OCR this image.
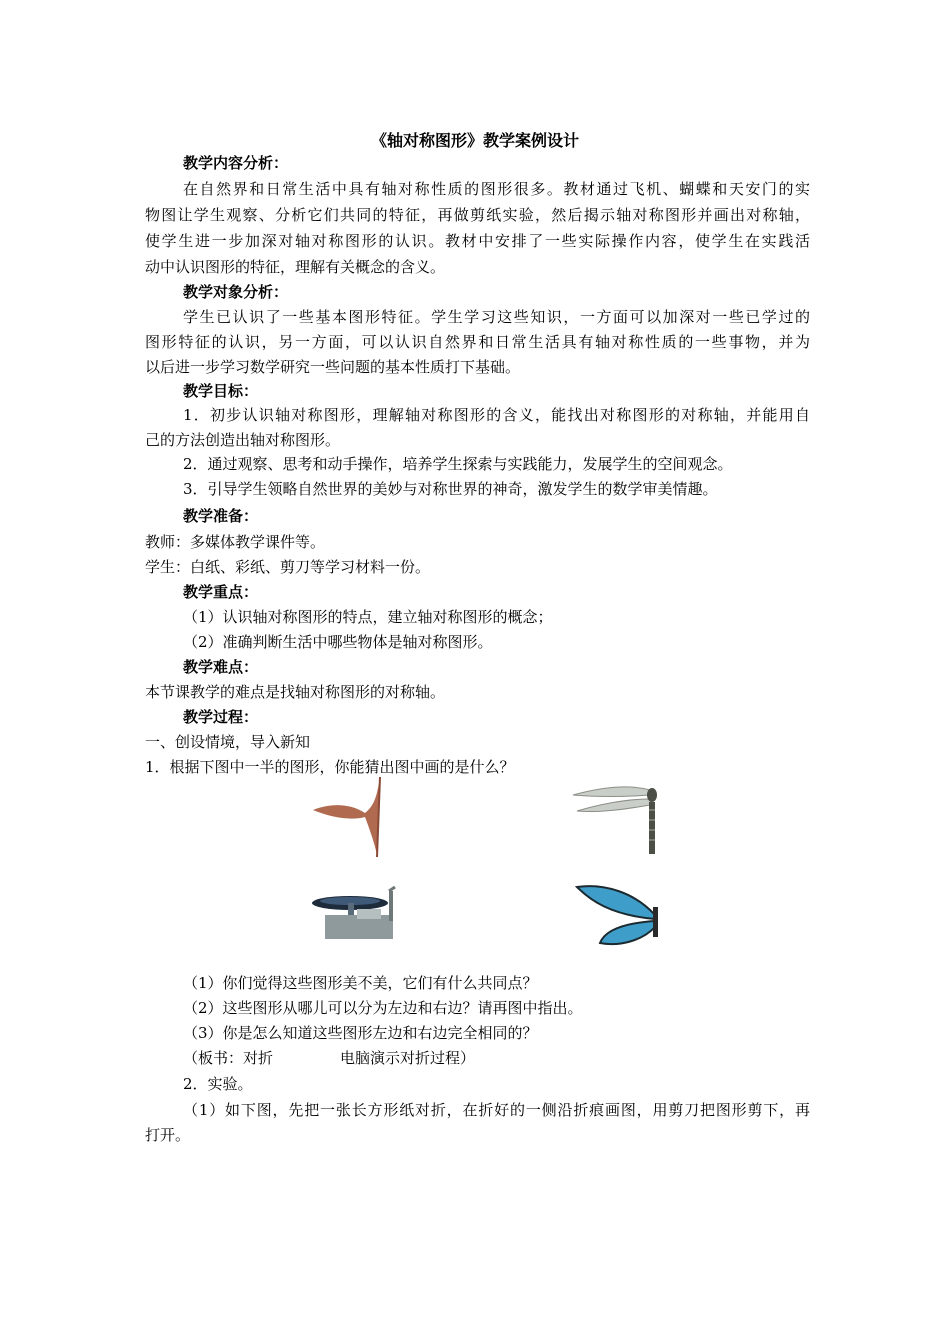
《轴对称图形》教学案例设计
教学内容分析：
在自然界和日常生活中具有轴对称性质的图形很多。教材通过飞机、蝴蝶和天安门的实
物图让学生观察、分析它们共同的特征，再做剪纸实验，然后揭示轴对称图形并画出对称轴，
使学生进一步加深对轴对称图形的认识。教材中安排了一些实际操作内容，使学生在实践活
动中认识图形的特征，理解有关概念的含义。
教学对象分析：
学生已认识了一些基本图形特征。学生学习这些知识，一方面可以加深对一些已学过的
图形特征的认识，另一方面，可以认识自然界和日常生活具有轴对称性质的一些事物，并为
以后进一步学习数学研究一些问题的基本性质打下基础。
教学目标：
1．初步认识轴对称图形，理解轴对称图形的含义，能找出对称图形的对称轴，并能用自
己的方法创造出轴对称图形。
2．通过观察、思考和动手操作，培养学生探索与实践能力，发展学生的空间观念。
3．引导学生领略自然世界的美妙与对称世界的神奇，激发学生的数学审美情趣。
教学准备：
教师：多媒体教学课件等。
学生：白纸、彩纸、剪刀等学习材料一份。
教学重点：
（1）认识轴对称图形的特点，建立轴对称图形的概念；
（2）准确判断生活中哪些物体是轴对称图形。
教学难点：
本节课教学的难点是找轴对称图形的对称轴。
教学过程：
一、创设情境，导入新知
1．根据下图中一半的图形，你能猜出图中画的是什么？
（1）你们觉得这些图形美不美，它们有什么共同点？
（2）这些图形从哪儿可以分为左边和右边？请再图中指出。
（3）你是怎么知道这些图形左边和右边完全相同的？
（板书：对折	电脑演示对折过程）
2．实验。
（1）如下图，先把一张长方形纸对折，在折好的一侧沿折痕画图，用剪刀把图形剪下，再
打开。
